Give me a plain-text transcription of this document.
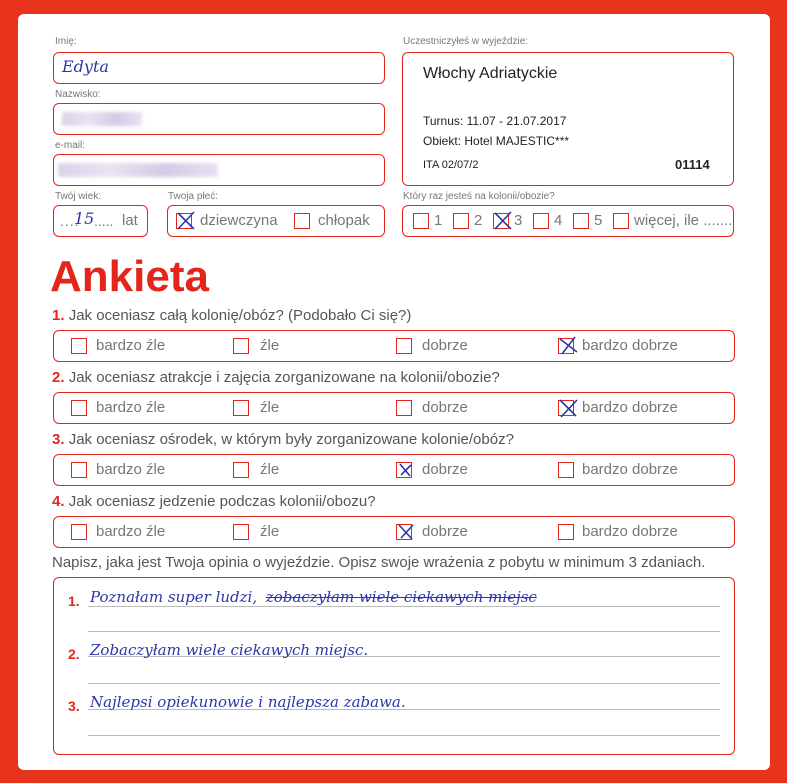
Imię:
Edyta
Nazwisko:
e-mail:
Twój wiek:
....
15 ..... lat
Twoja płeć:
dziewczyna	chłopak
Uczestniczyłeś w wyjeździe:
Włochy Adriatyckie
Turnus: 11.07 - 21.07.2017
Obiekt: Hotel MAJESTIC***
ITA 02/07/2	01114
Który raz jesteś na kolonii/obozie?
1 2 3 4 5 więcej, ile .......
Ankieta
1. Jak oceniasz całą kolonię/obóz? (Podobało Ci się?)
bardzo źle	źle	dobrze	bardzo dobrze
2. Jak oceniasz atrakcje i zajęcia zorganizowane na kolonii/obozie?
bardzo źle	źle	dobrze	bardzo dobrze
3. Jak oceniasz ośrodek, w którym były zorganizowane kolonie/obóz?
bardzo źle	źle	dobrze	bardzo dobrze
4. Jak oceniasz jedzenie podczas kolonii/obozu?
bardzo źle	źle	dobrze	bardzo dobrze
Napisz, jaka jest Twoja opinia o wyjeździe. Opisz swoje wrażenia z pobytu w minimum 3 zdaniach.
1. Poznałam super ludzi, zobaczyłam wiele ciekawych miejsc
2. Zobaczyłam wiele ciekawych miejsc.
3. Najlepsi opiekunowie i najlepsza zabawa.
